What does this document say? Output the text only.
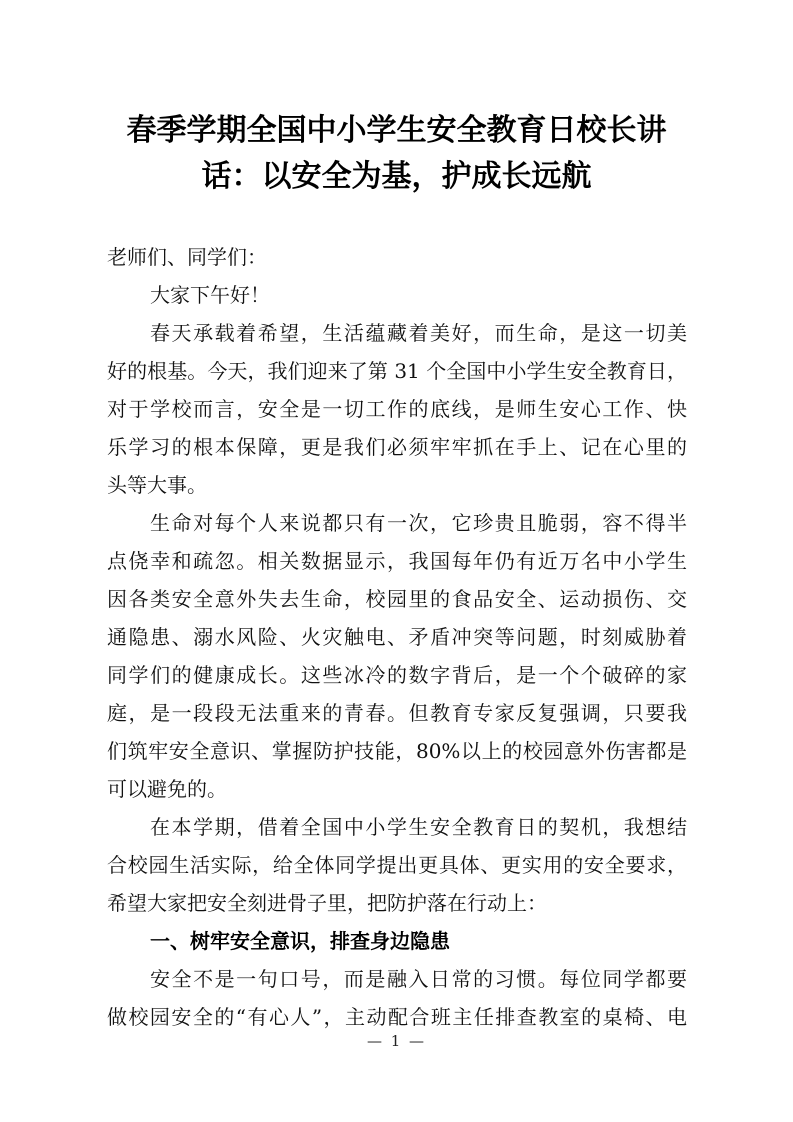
春季学期全国中小学生安全教育日校长讲
话：以安全为基，护成长远航
老师们、同学们：
大家下午好！
春天承载着希望，生活蕴藏着美好，而生命，是这一切美
好的根基。今天，我们迎来了第 31 个全国中小学生安全教育日，
对于学校而言，安全是一切工作的底线，是师生安心工作、快
乐学习的根本保障，更是我们必须牢牢抓在手上、记在心里的
头等大事。
生命对每个人来说都只有一次，它珍贵且脆弱，容不得半
点侥幸和疏忽。相关数据显示，我国每年仍有近万名中小学生
因各类安全意外失去生命，校园里的食品安全、运动损伤、交
通隐患、溺水风险、火灾触电、矛盾冲突等问题，时刻威胁着
同学们的健康成长。这些冰冷的数字背后，是一个个破碎的家
庭，是一段段无法重来的青春。但教育专家反复强调，只要我
们筑牢安全意识、掌握防护技能，80%以上的校园意外伤害都是
可以避免的。
在本学期，借着全国中小学生安全教育日的契机，我想结
合校园生活实际，给全体同学提出更具体、更实用的安全要求，
希望大家把安全刻进骨子里，把防护落在行动上：
一、树牢安全意识，排查身边隐患
安全不是一句口号，而是融入日常的习惯。每位同学都要
做校园安全的“有心人”，主动配合班主任排查教室的桌椅、电
— 1 —
